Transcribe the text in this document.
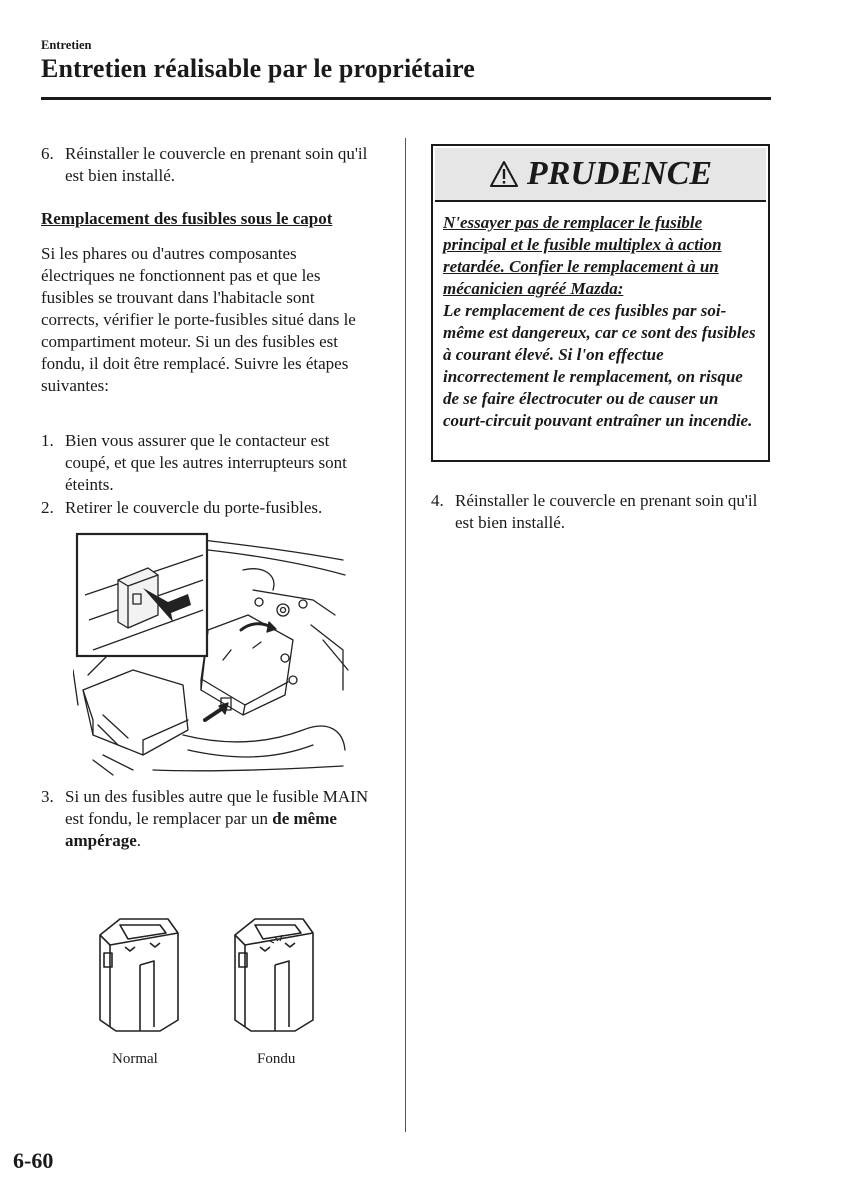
Entretien
Entretien réalisable par le propriétaire
6. Réinstaller le couvercle en prenant soin qu'il est bien installé.
Remplacement des fusibles sous le capot
Si les phares ou d'autres composantes électriques ne fonctionnent pas et que les fusibles se trouvant dans l'habitacle sont corrects, vérifier le porte-fusibles situé dans le compartiment moteur. Si un des fusibles est fondu, il doit être remplacé. Suivre les étapes suivantes:
1. Bien vous assurer que le contacteur est coupé, et que les autres interrupteurs sont éteints.
2. Retirer le couvercle du porte-fusibles.
3. Si un des fusibles autre que le fusible MAIN est fondu, le remplacer par un de même ampérage.
Normal	Fondu
PRUDENCE
N'essayer pas de remplacer le fusible principal et le fusible multiplex à action retardée. Confier le remplacement à un mécanicien agréé Mazda:
Le remplacement de ces fusibles par soi-même est dangereux, car ce sont des fusibles à courant élevé. Si l'on effectue incorrectement le remplacement, on risque de se faire électrocuter ou de causer un court-circuit pouvant entraîner un incendie.
4. Réinstaller le couvercle en prenant soin qu'il est bien installé.
6-60
